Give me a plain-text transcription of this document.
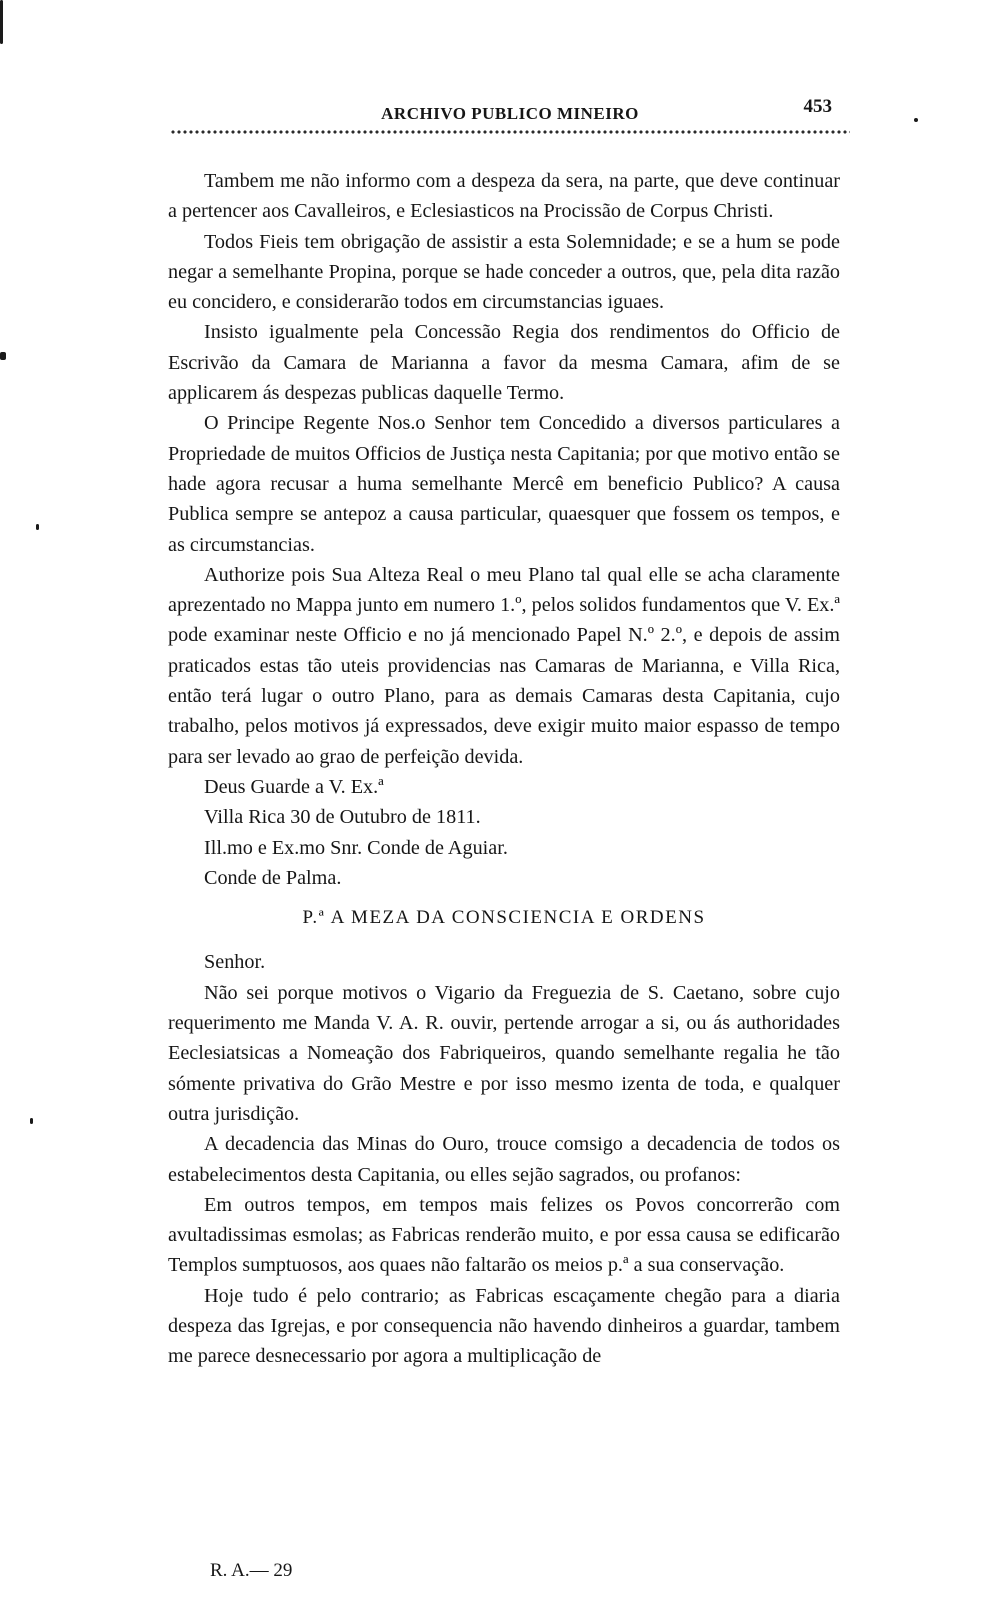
ARCHIVO PUBLICO MINEIRO	453

Tambem me não informo com a despeza da sera, na parte, que deve continuar a pertencer aos Cavalleiros, e Eclesiasticos na Procissão de Corpus Christi.

Todos Fieis tem obrigação de assistir a esta Solemnidade; e se a hum se pode negar a semelhante Propina, porque se hade conceder a outros, que, pela dita razão eu concidero, e considerarão todos em circumstancias iguaes.

Insisto igualmente pela Concessão Regia dos rendimentos do Officio de Escrivão da Camara de Marianna a favor da mesma Camara, afim de se applicarem ás despezas publicas daquelle Termo.

O Principe Regente Nos.o Senhor tem Concedido a diversos particulares a Propriedade de muitos Officios de Justiça nesta Capitania; por que motivo então se hade agora recusar a huma semelhante Mercê em beneficio Publico? A causa Publica sempre se antepoz a causa particular, quaesquer que fossem os tempos, e as circumstancias.

Authorize pois Sua Alteza Real o meu Plano tal qual elle se acha claramente aprezentado no Mappa junto em numero 1.º, pelos solidos fundamentos que V. Ex.ª pode examinar neste Officio e no já mencionado Papel N.º 2.º, e depois de assim praticados estas tão uteis providencias nas Camaras de Marianna, e Villa Rica, então terá lugar o outro Plano, para as demais Camaras desta Capitania, cujo trabalho, pelos motivos já expressados, deve exigir muito maior espasso de tempo para ser levado ao grao de perfeição devida.

Deus Guarde a V. Ex.ª

Villa Rica 30 de Outubro de 1811.

Ill.mo e Ex.mo Snr. Conde de Aguiar.

Conde de Palma.

P.ª A MEZA DA CONSCIENCIA E ORDENS

Senhor.

Não sei porque motivos o Vigario da Freguezia de S. Caetano, sobre cujo requerimento me Manda V. A. R. ouvir, pertende arrogar a si, ou ás authoridades Eeclesiatsicas a Nomeação dos Fabriqueiros, quando semelhante regalia he tão sómente privativa do Grão Mestre e por isso mesmo izenta de toda, e qualquer outra jurisdição.

A decadencia das Minas do Ouro, trouce comsigo a decadencia de todos os estabelecimentos desta Capitania, ou elles sejão sagrados, ou profanos:

Em outros tempos, em tempos mais felizes os Povos concorrerão com avultadissimas esmolas; as Fabricas renderão muito, e por essa causa se edificarão Templos sumptuosos, aos quaes não faltarão os meios p.ª a sua conservação.

Hoje tudo é pelo contrario; as Fabricas escaçamente chegão para a diaria despeza das Igrejas, e por consequencia não havendo dinheiros a guardar, tambem me parece desnecessario por agora a multiplicação de

R. A.— 29
